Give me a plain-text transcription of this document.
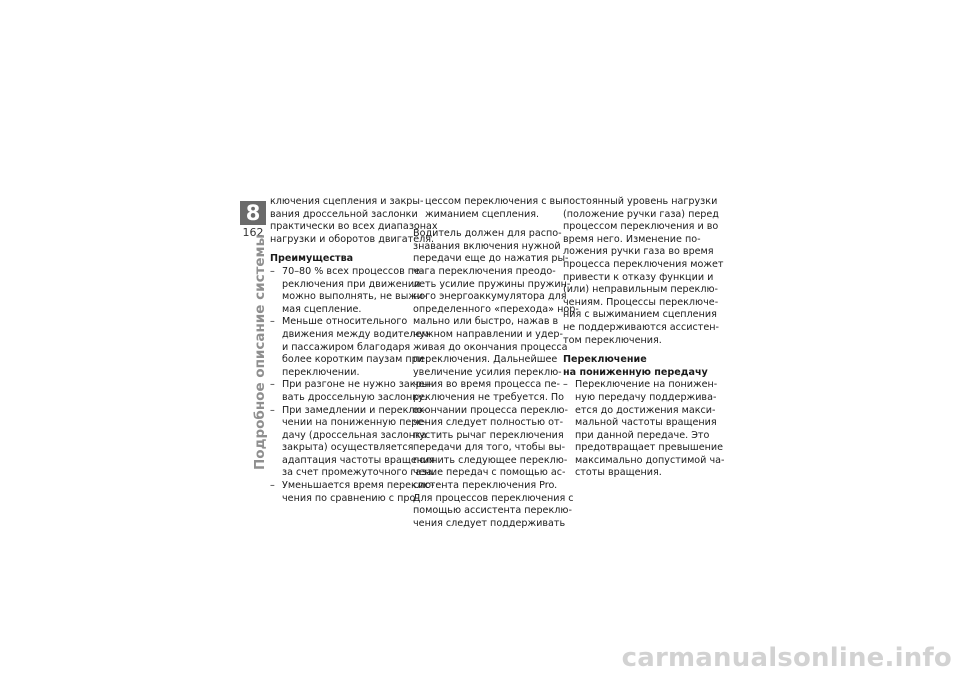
8
162
Подробное описание системы
ключения сцепления и закры-
вания дроссельной заслонки
практически во всех диапазонах
нагрузки и оборотов двигателя.
Преимущества
– 70–80 % всех процессов пе-
реключения при движении
можно выполнять, не выжи-
мая сцепление.
– Меньше относительного
движения между водителем
и пассажиром благодаря
более коротким паузам при
переключении.
– При разгоне не нужно закры-
вать дроссельную заслонку.
– При замедлении и переклю-
чении на пониженную пере-
дачу (дроссельная заслонка
закрыта) осуществляется
адаптация частоты вращения
за счет промежуточного газа.
– Уменьшается время переклю-
чения по сравнению с про-
цессом переключения с вы-
жиманием сцепления.
Водитель должен для распо-
знавания включения нужной
передачи еще до нажатия ры-
чага переключения преодо-
леть усилие пружины пружин-
ного энергоаккумулятора для
определенного «перехода» нор-
мально или быстро, нажав в
нужном направлении и удер-
живая до окончания процесса
переключения. Дальнейшее
увеличение усилия переклю-
чения во время процесса пе-
реключения не требуется. По
окончании процесса переклю-
чения следует полностью от-
пустить рычаг переключения
передачи для того, чтобы вы-
полнить следующее переклю-
чение передач с помощью ас-
систента переключения Pro.
Для процессов переключения с
помощью ассистента переклю-
чения следует поддерживать
постоянный уровень нагрузки
(положение ручки газа) перед
процессом переключения и во
время него. Изменение по-
ложения ручки газа во время
процесса переключения может
привести к отказу функции и
(или) неправильным переклю-
чениям. Процессы переключе-
ния с выжиманием сцепления
не поддерживаются ассистен-
том переключения.
Переключение
на пониженную передачу
– Переключение на понижен-
ную передачу поддержива-
ется до достижения макси-
мальной частоты вращения
при данной передаче. Это
предотвращает превышение
максимально допустимой ча-
стоты вращения.
carmanualsonline.info
